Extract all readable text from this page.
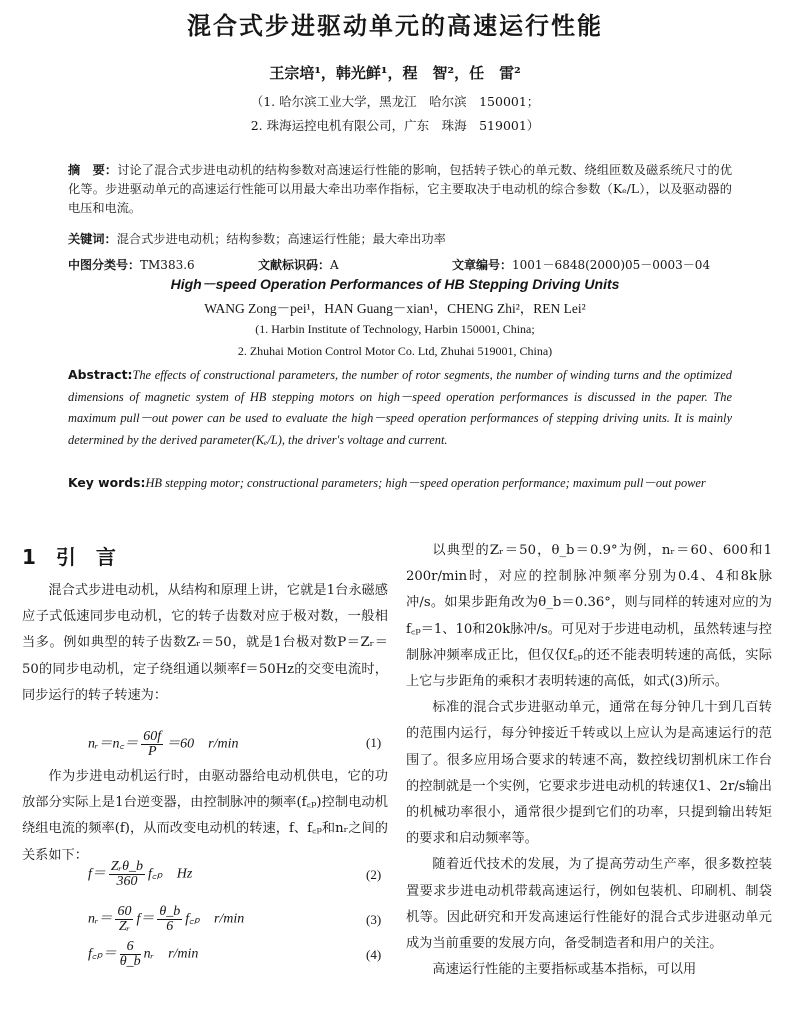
混合式步进驱动单元的高速运行性能
王宗培¹，韩光鲜¹，程　智²，任　雷²
（1. 哈尔滨工业大学，黑龙江　哈尔滨　150001；
2. 珠海运控电机有限公司，广东　珠海　519001）
摘　要：讨论了混合式步进电动机的结构参数对高速运行性能的影响，包括转子铁心的单元数、绕组匝数及磁系统尺寸的优化等。步进驱动单元的高速运行性能可以用最大牵出功率作指标，它主要取决于电动机的综合参数（Kₑ/L），以及驱动器的电压和电流。
关键词：混合式步进电动机；结构参数；高速运行性能；最大牵出功率
中图分类号：TM383.6	文献标识码：A	文章编号：1001－6848(2000)05－0003－04
High－speed Operation Performances of HB Stepping Driving Units
WANG Zong－pei¹，HAN Guang－xian¹，CHENG Zhi²，REN Lei²
(1. Harbin Institute of Technology, Harbin 150001, China;
2. Zhuhai Motion Control Motor Co. Ltd, Zhuhai 519001, China)
Abstract:The effects of constructional parameters, the number of rotor segments, the number of winding turns and the optimized dimensions of magnetic system of HB stepping motors on high－speed operation performances is discussed in the paper. The maximum pull－out power can be used to evaluate the high－speed operation performances of stepping driving units. It is mainly determined by the derived parameter(Kₑ/L), the driver's voltage and current.
Key words:HB stepping motor; constructional parameters; high－speed operation performance; maximum pull－out power
1　引　言

混合式步进电动机，从结构和原理上讲，它就是1台永磁感应子式低速同步电动机，它的转子齿数对应于极对数，一般相当多。例如典型的转子齿数Zᵣ＝50，就是1台极对数P＝Zᵣ＝50的同步电动机，定子绕组通以频率f＝50Hz的交变电流时，同步运行的转子转速为：

nᵣ＝n꜀＝ $\frac{60f}{P} =60$　r/min	(1)

作为步进电动机运行时，由驱动器给电动机供电，它的功放部分实际上是1台逆变器，由控制脉冲的频率(f꜀ₚ)控制电动机绕组电流的频率(f)，从而改变电动机的转速，f、f꜀ₚ和nᵣ之间的关系如下：

$f= \frac{\text{Zᵣθ\_b}}{360}$ f꜀ₚ　Hz	(2)
nᵣ＝ $\frac{60}{\text{Zᵣ}} f= \frac{\theta\_b}{6}$ f꜀ₚ　r/min	(3)
f꜀ₚ＝ $\frac{6}{\theta\_b}$ nᵣ　r/min	(4)

以典型的Zᵣ＝50，θ_b＝0.9°为例，nᵣ＝60、600和1 200r/min时，对应的控制脉冲频率分别为0.4、4和8k脉冲/s。如果步距角改为θ_b＝0.36°，则与同样的转速对应的为f꜀ₚ＝1、10和20k脉冲/s。可见对于步进电动机，虽然转速与控制脉冲频率成正比，但仅仅f꜀ₚ的还不能表明转速的高低，实际上它与步距角的乘积才表明转速的高低，如式(3)所示。

标准的混合式步进驱动单元，通常在每分钟几十到几百转的范围内运行，每分钟接近千转或以上应认为是高速运行的范围了。很多应用场合要求的转速不高，数控线切割机床工作台的控制就是一个实例，它要求步进电动机的转速仅1、2r/s输出的机械功率很小，通常很少提到它们的功率，只提到输出转矩的要求和启动频率等。

随着近代技术的发展，为了提高劳动生产率，很多数控装置要求步进电动机带载高速运行，例如包装机、印刷机、制袋机等。因此研究和开发高速运行性能好的混合式步进驱动单元成为当前重要的发展方向，备受制造者和用户的关注。

高速运行性能的主要指标或基本指标，可以用
